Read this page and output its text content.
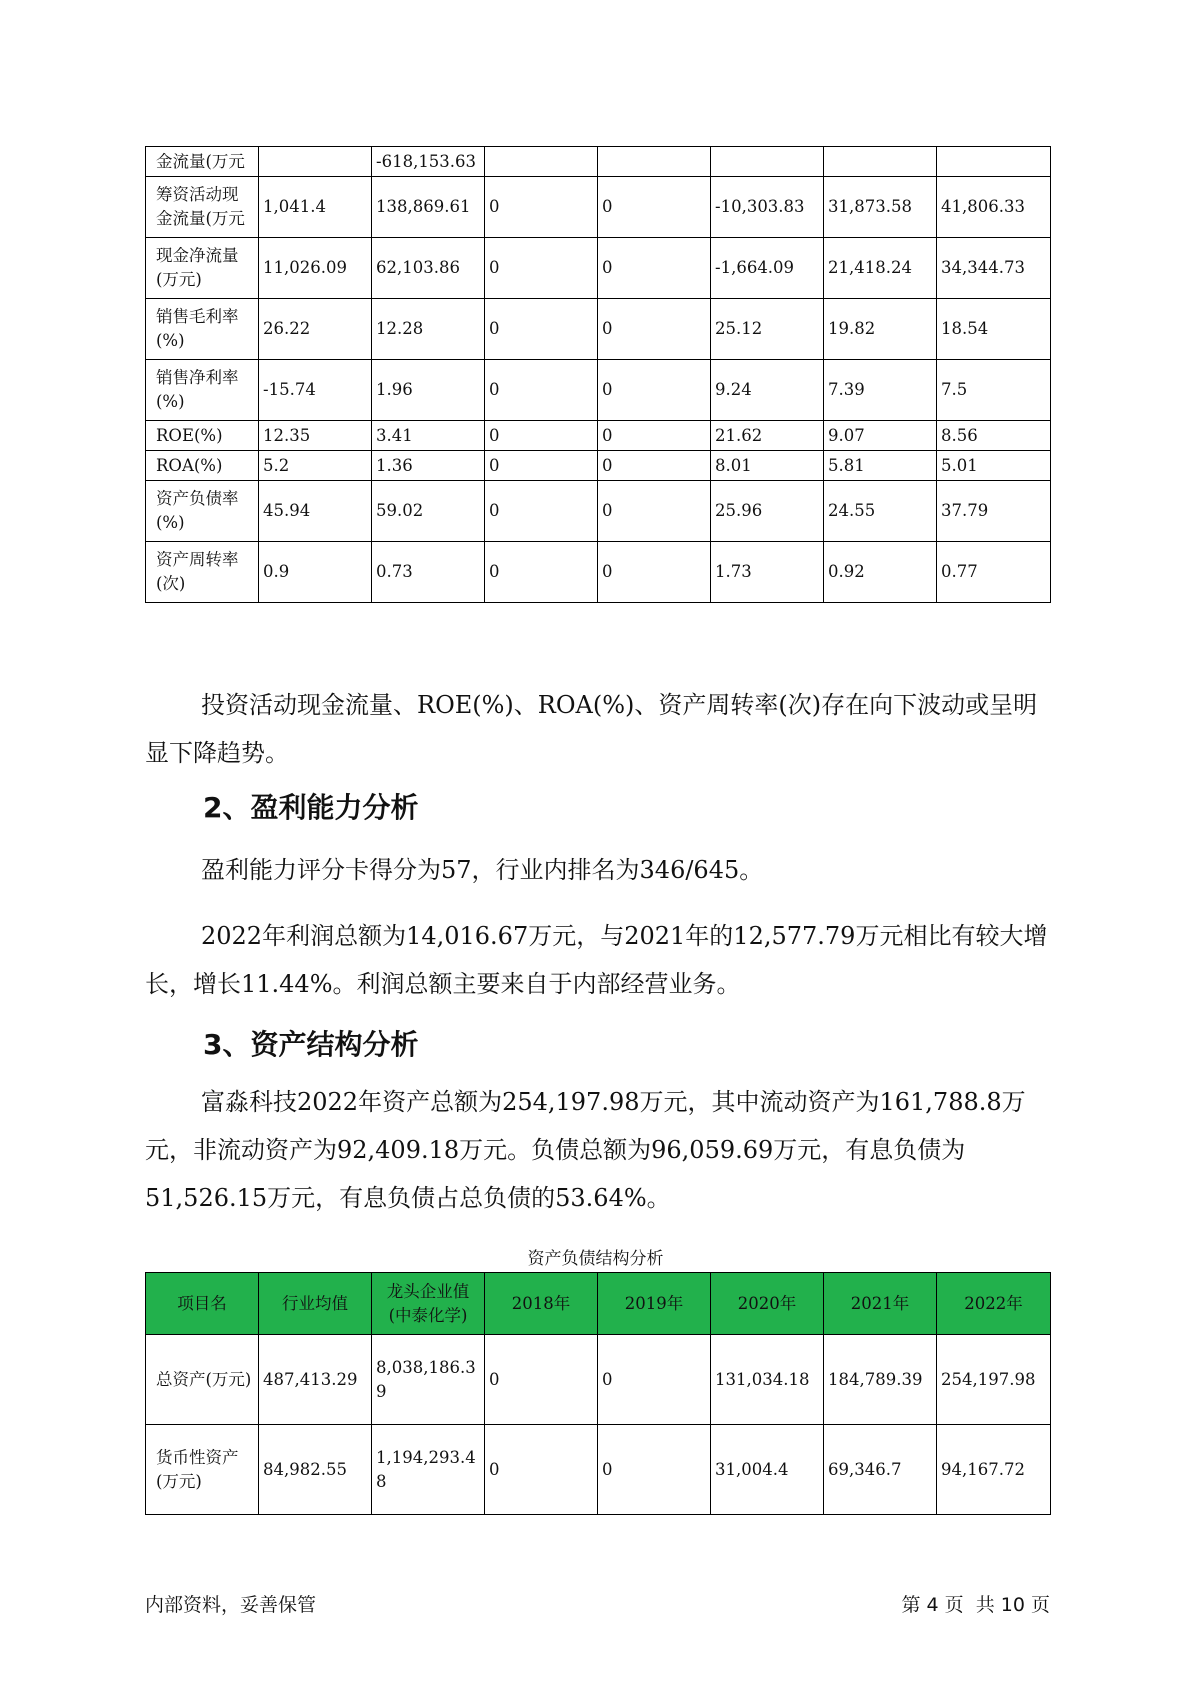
金流量(万元		-618,153.63					
筹资活动现金流量(万元	1,041.4	138,869.61	0	0	-10,303.83	31,873.58	41,806.33
现金净流量(万元)	11,026.09	62,103.86	0	0	-1,664.09	21,418.24	34,344.73
销售毛利率(%)	26.22	12.28	0	0	25.12	19.82	18.54
销售净利率(%)	-15.74	1.96	0	0	9.24	7.39	7.5
ROE(%)	12.35	3.41	0	0	21.62	9.07	8.56
ROA(%)	5.2	1.36	0	0	8.01	5.81	5.01
资产负债率(%)	45.94	59.02	0	0	25.96	24.55	37.79
资产周转率(次)	0.9	0.73	0	0	1.73	0.92	0.77
投资活动现金流量、ROE(%)、ROA(%)、资产周转率(次)存在向下波动或呈明显下降趋势。
2、盈利能力分析
盈利能力评分卡得分为57，行业内排名为346/645。
2022年利润总额为14,016.67万元，与2021年的12,577.79万元相比有较大增长，增长11.44%。利润总额主要来自于内部经营业务。
3、资产结构分析
富淼科技2022年资产总额为254,197.98万元，其中流动资产为161,788.8万元，非流动资产为92,409.18万元。负债总额为96,059.69万元，有息负债为51,526.15万元，有息负债占总负债的53.64%。
资产负债结构分析
项目名	行业均值	龙头企业值(中泰化学)	2018年	2019年	2020年	2021年	2022年
总资产(万元)	487,413.29	8,038,186.39	0	0	131,034.18	184,789.39	254,197.98
货币性资产(万元)	84,982.55	1,194,293.48	0	0	31,004.4	69,346.7	94,167.72
内部资料，妥善保管	第 4 页  共 10 页
